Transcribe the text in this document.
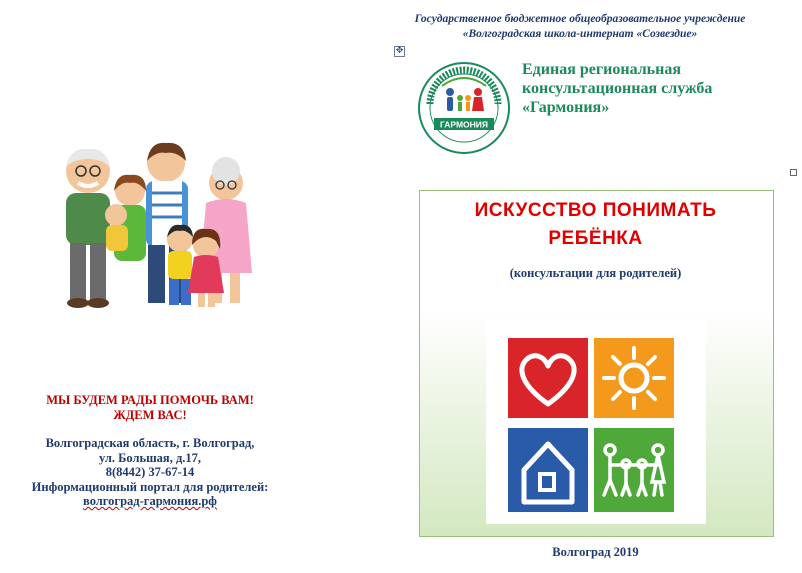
МЫ БУДЕМ РАДЫ ПОМОЧЬ ВАМ!
ЖДЕМ ВАС!
Волгоградская область, г. Волгоград,
ул. Большая, д.17,
8(8442) 37-67-14
Информационный портал для родителей:
волгоград-гармония.рф
Государственное бюджетное общеобразовательное учреждение
«Волгоградская школа-интернат «Созвездие»
✥
ГАРМОНИЯ
Единая региональная
консультационная служба
«Гармония»
ИСКУССТВО ПОНИМАТЬ
РЕБЁНКА
(консультации для родителей)
Волгоград 2019
